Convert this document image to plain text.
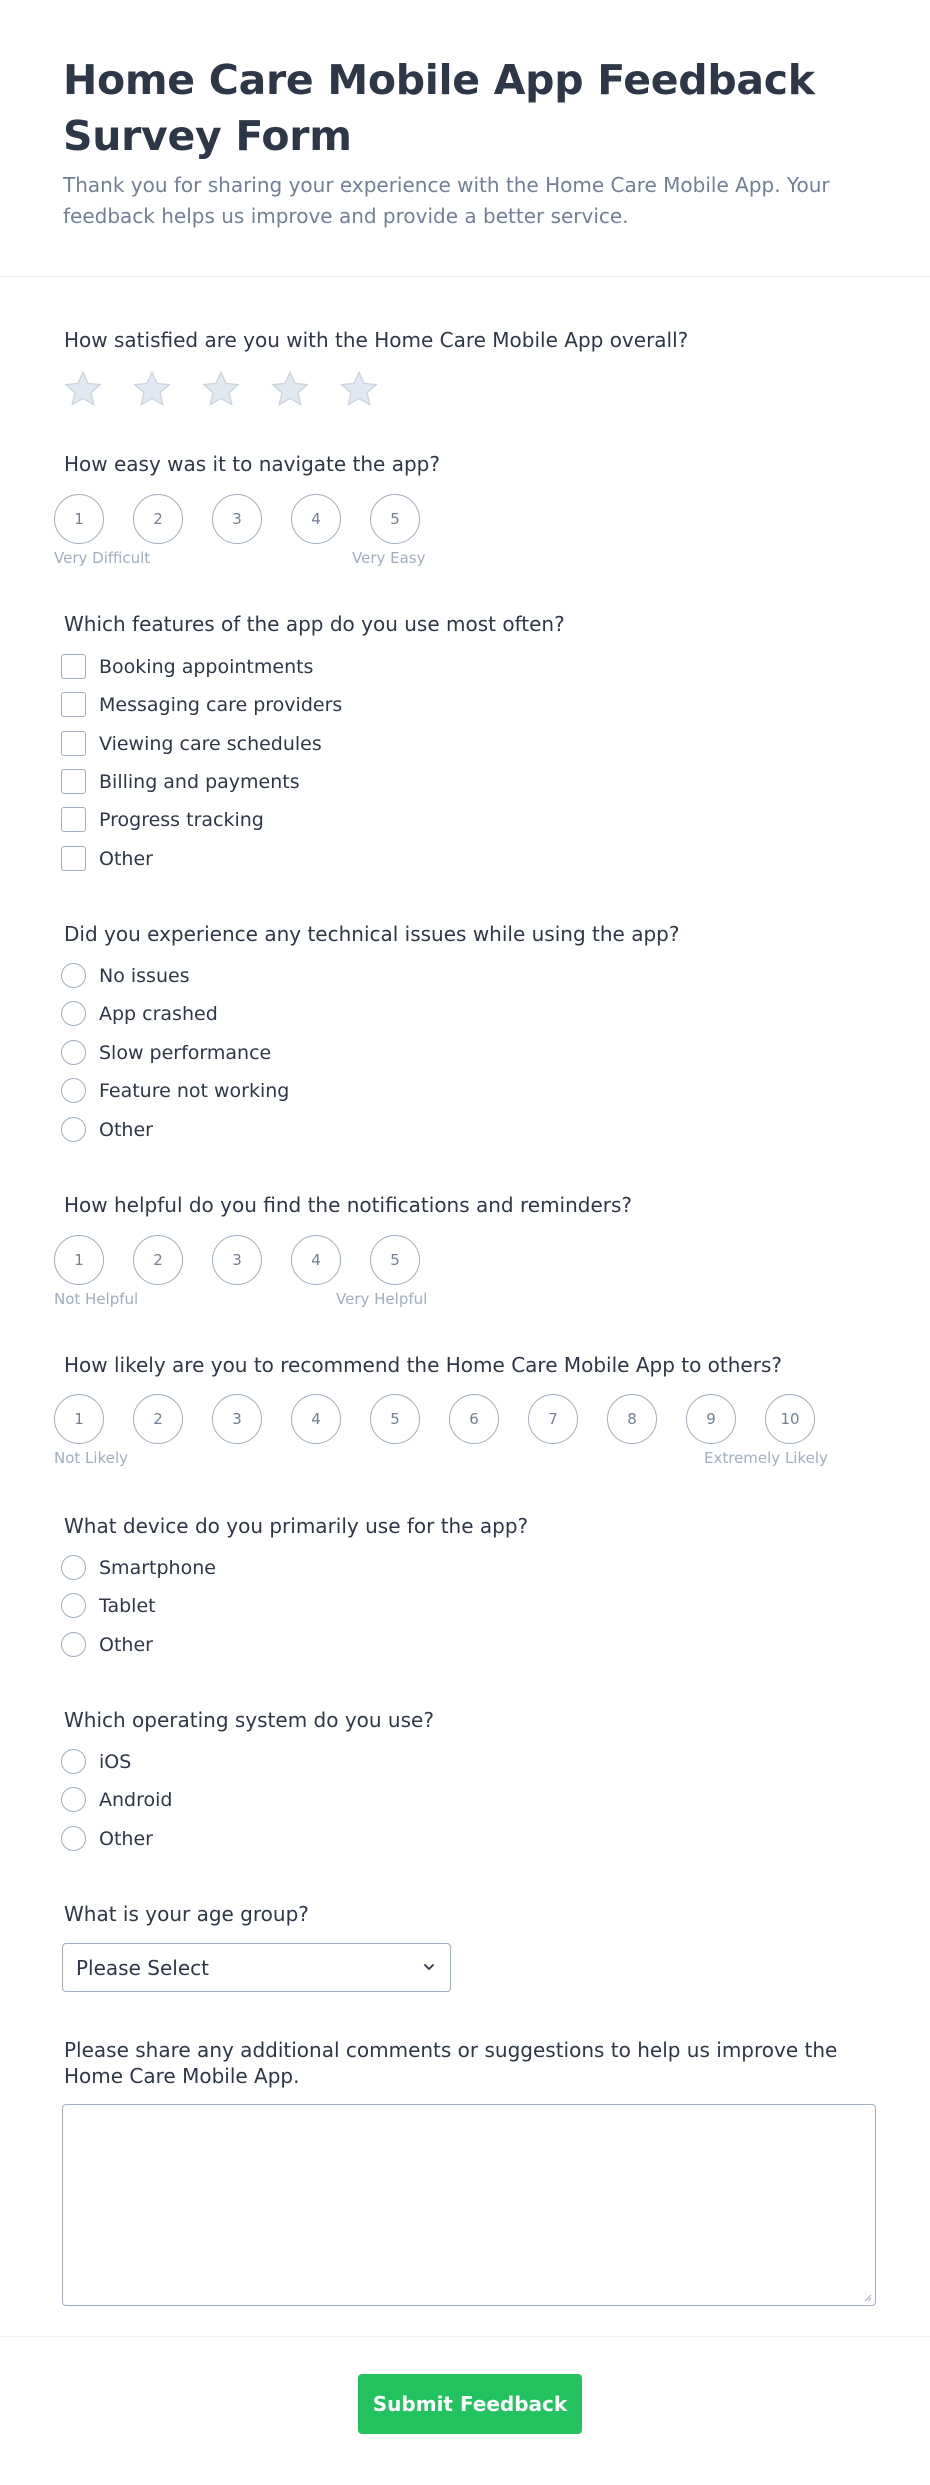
Home Care Mobile App Feedback Survey Form

Thank you for sharing your experience with the Home Care Mobile App. Your feedback helps us improve and provide a better service.

How satisfied are you with the Home Care Mobile App overall?
How easy was it to navigate the app?
1	2	3	4	5
Very Difficult	Very Easy
Which features of the app do you use most often?
Booking appointments
Messaging care providers
Viewing care schedules
Billing and payments
Progress tracking
Other
Did you experience any technical issues while using the app?
No issues
App crashed
Slow performance
Feature not working
Other
How helpful do you find the notifications and reminders?
1	2	3	4	5
Not Helpful	Very Helpful
How likely are you to recommend the Home Care Mobile App to others?
1	2	3	4	5	6	7	8	9	10
Not Likely	Extremely Likely
What device do you primarily use for the app?
Smartphone
Tablet
Other
Which operating system do you use?
iOS
Android
Other
What is your age group?
Please Select
Please share any additional comments or suggestions to help us improve the Home Care Mobile App.
Submit Feedback
